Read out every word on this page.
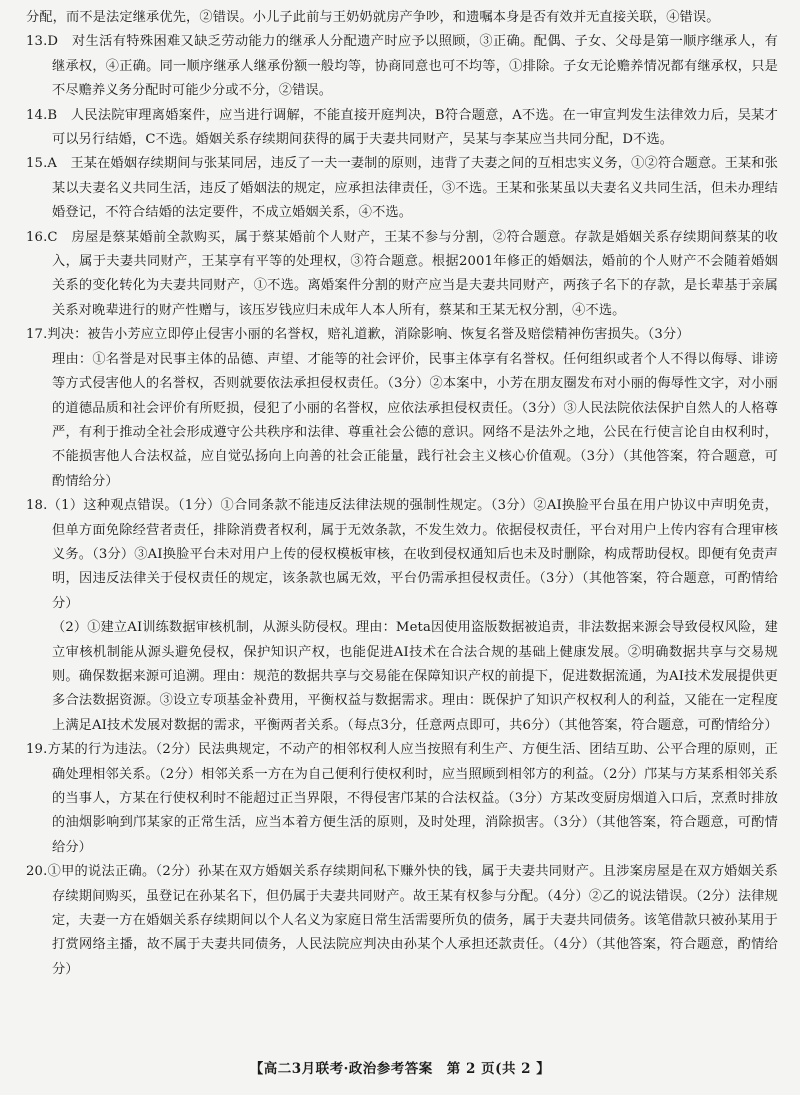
分配，而不是法定继承优先，②错误。小儿子此前与王奶奶就房产争吵，和遗嘱本身是否有效并无直接关联，④错误。

13.D　对生活有特殊困难又缺乏劳动能力的继承人分配遗产时应予以照顾，③正确。配偶、子女、父母是第一顺序继承人，有继承权，④正确。同一顺序继承人继承份额一般均等，协商同意也可不均等，①排除。子女无论赡养情况都有继承权，只是不尽赡养义务分配时可能少分或不分，②错误。

14.B　人民法院审理离婚案件，应当进行调解，不能直接开庭判决，B符合题意，A不选。在一审宣判发生法律效力后，吴某才可以另行结婚，C不选。婚姻关系存续期间获得的属于夫妻共同财产，吴某与李某应当共同分配，D不选。

15.A　王某在婚姻存续期间与张某同居，违反了一夫一妻制的原则，违背了夫妻之间的互相忠实义务，①②符合题意。王某和张某以夫妻名义共同生活，违反了婚姻法的规定，应承担法律责任，③不选。王某和张某虽以夫妻名义共同生活，但未办理结婚登记，不符合结婚的法定要件，不成立婚姻关系，④不选。

16.C　房屋是蔡某婚前全款购买，属于蔡某婚前个人财产，王某不参与分割，②符合题意。存款是婚姻关系存续期间蔡某的收入，属于夫妻共同财产，王某享有平等的处理权，③符合题意。根据2001年修正的婚姻法，婚前的个人财产不会随着婚姻关系的变化转化为夫妻共同财产，①不选。离婚案件分割的财产应当是夫妻共同财产，两孩子名下的存款，是长辈基于亲属关系对晚辈进行的财产性赠与，该压岁钱应归未成年人本人所有，蔡某和王某无权分割，④不选。

17.判决：被告小芳应立即停止侵害小丽的名誉权，赔礼道歉，消除影响、恢复名誉及赔偿精神伤害损失。（3分）

理由：①名誉是对民事主体的品德、声望、才能等的社会评价，民事主体享有名誉权。任何组织或者个人不得以侮辱、诽谤等方式侵害他人的名誉权，否则就要依法承担侵权责任。（3分）②本案中，小芳在朋友圈发布对小丽的侮辱性文字，对小丽的道德品质和社会评价有所贬损，侵犯了小丽的名誉权，应依法承担侵权责任。（3分）③人民法院依法保护自然人的人格尊严，有利于推动全社会形成遵守公共秩序和法律、尊重社会公德的意识。网络不是法外之地，公民在行使言论自由权利时，不能损害他人合法权益，应自觉弘扬向上向善的社会正能量，践行社会主义核心价值观。（3分）（其他答案，符合题意，可酌情给分）

18.（1）这种观点错误。（1分）①合同条款不能违反法律法规的强制性规定。（3分）②AI换脸平台虽在用户协议中声明免责，但单方面免除经营者责任，排除消费者权利，属于无效条款，不发生效力。依据侵权责任，平台对用户上传内容有合理审核义务。（3分）③AI换脸平台未对用户上传的侵权模板审核，在收到侵权通知后也未及时删除，构成帮助侵权。即便有免责声明，因违反法律关于侵权责任的规定，该条款也属无效，平台仍需承担侵权责任。（3分）（其他答案，符合题意，可酌情给分）

（2）①建立AI训练数据审核机制，从源头防侵权。理由：Meta因使用盗版数据被追责，非法数据来源会导致侵权风险，建立审核机制能从源头避免侵权，保护知识产权，也能促进AI技术在合法合规的基础上健康发展。②明确数据共享与交易规则。确保数据来源可追溯。理由：规范的数据共享与交易能在保障知识产权的前提下，促进数据流通，为AI技术发展提供更多合法数据资源。③设立专项基金补费用，平衡权益与数据需求。理由：既保护了知识产权权利人的利益，又能在一定程度上满足AI技术发展对数据的需求，平衡两者关系。（每点3分，任意两点即可，共6分）（其他答案，符合题意，可酌情给分）

19.方某的行为违法。（2分）民法典规定，不动产的相邻权利人应当按照有利生产、方便生活、团结互助、公平合理的原则，正确处理相邻关系。（2分）相邻关系一方在为自己便利行使权利时，应当照顾到相邻方的利益。（2分）邝某与方某系相邻关系的当事人，方某在行使权利时不能超过正当界限，不得侵害邝某的合法权益。（3分）方某改变厨房烟道入口后，烹煮时排放的油烟影响到邝某家的正常生活，应当本着方便生活的原则，及时处理，消除损害。（3分）（其他答案，符合题意，可酌情给分）

20.①甲的说法正确。（2分）孙某在双方婚姻关系存续期间私下赚外快的钱，属于夫妻共同财产。且涉案房屋是在双方婚姻关系存续期间购买，虽登记在孙某名下，但仍属于夫妻共同财产。故王某有权参与分配。（4分）②乙的说法错误。（2分）法律规定，夫妻一方在婚姻关系存续期间以个人名义为家庭日常生活需要所负的债务，属于夫妻共同债务。该笔借款只被孙某用于打赏网络主播，故不属于夫妻共同债务，人民法院应判决由孙某个人承担还款责任。（4分）（其他答案，符合题意，酌情给分）

【高二3月联考·政治参考答案　第 2 页(共 2 】
